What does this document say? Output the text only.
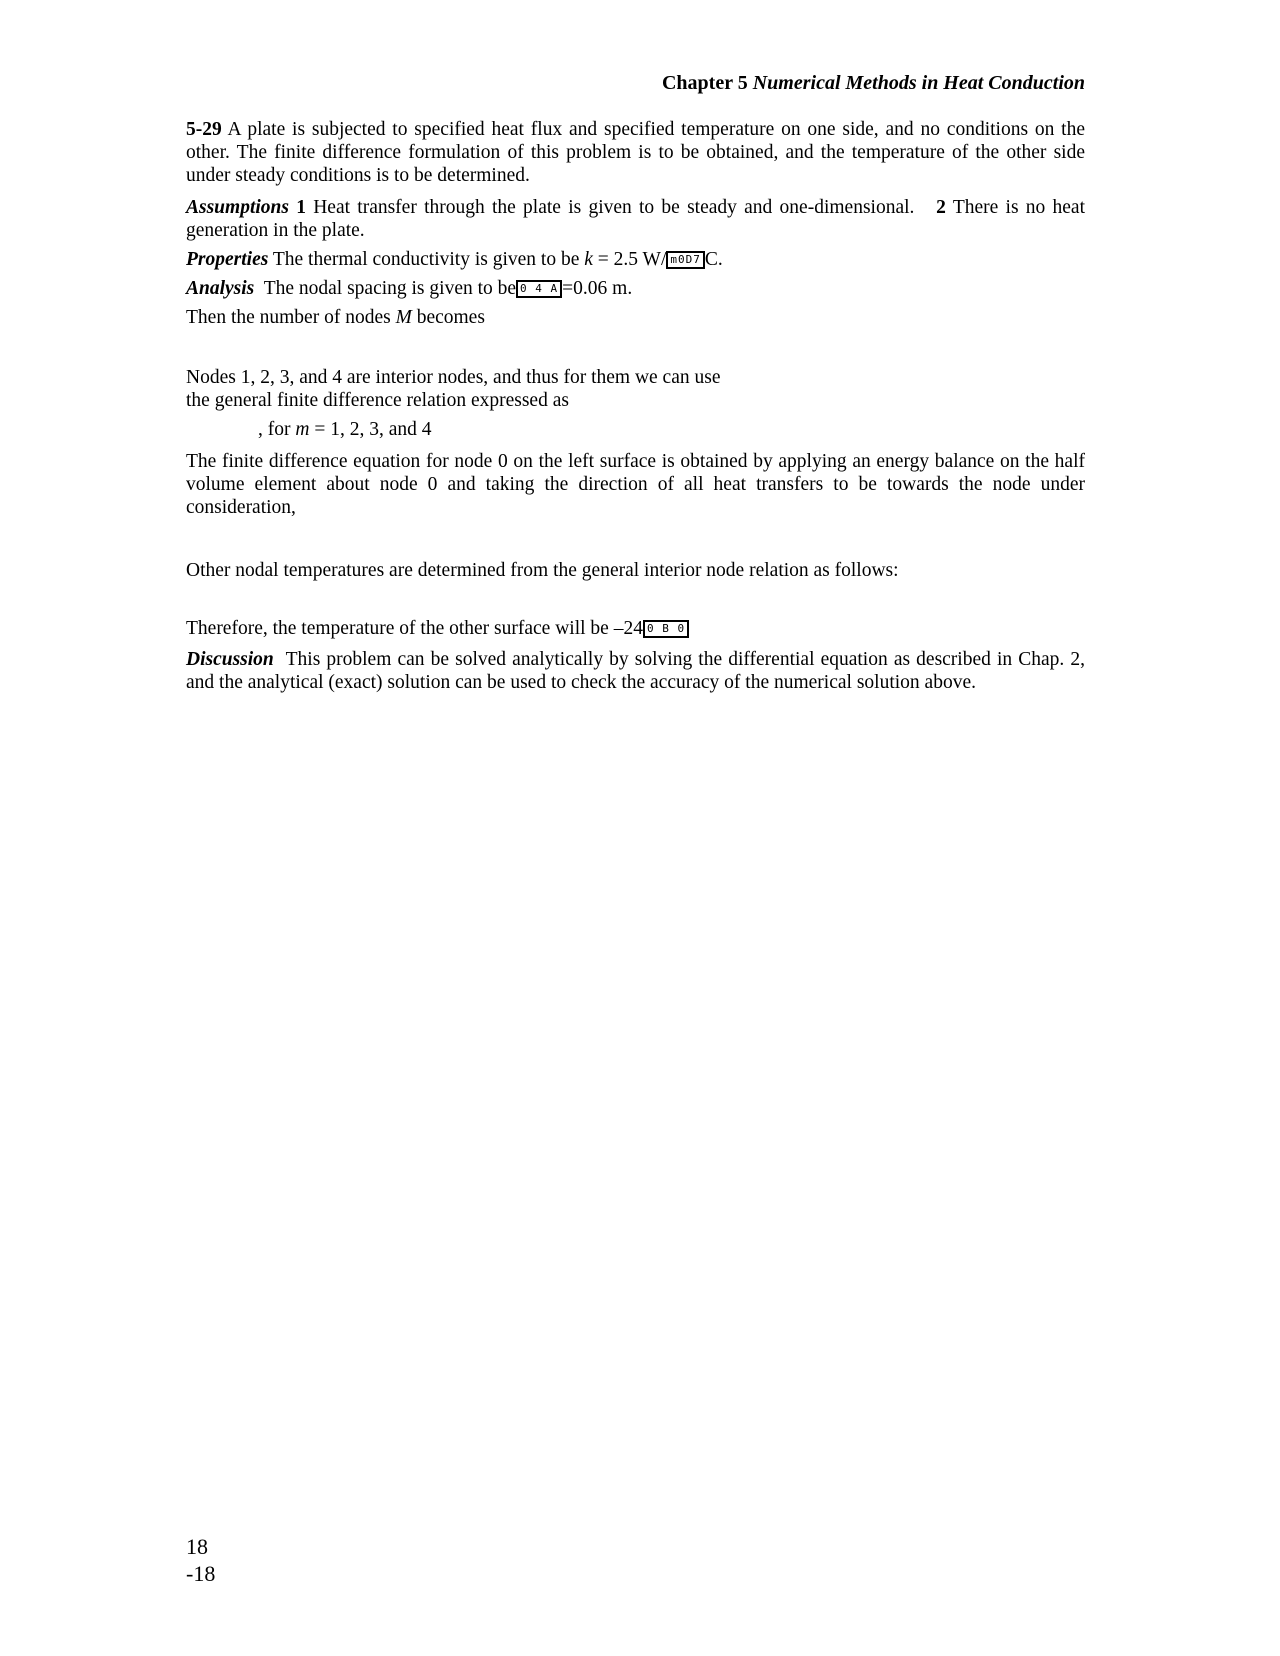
Chapter 5 Numerical Methods in Heat Conduction

5-29 A plate is subjected to specified heat flux and specified temperature on one side, and no conditions on the other. The finite difference formulation of this problem is to be obtained, and the temperature of the other side under steady conditions is to be determined.

Assumptions 1 Heat transfer through the plate is given to be steady and one-dimensional. 2 There is no heat generation in the plate.

Properties The thermal conductivity is given to be k = 2.5 W/ m0D7 C.

Analysis The nodal spacing is given to be 0 4 A =0.06 m.

Then the number of nodes M becomes

Nodes 1, 2, 3, and 4 are interior nodes, and thus for them we can use
the general finite difference relation expressed as

, for m = 1, 2, 3, and 4

The finite difference equation for node 0 on the left surface is obtained by applying an energy balance on the half volume element about node 0 and taking the direction of all heat transfers to be towards the node under consideration,

Other nodal temperatures are determined from the general interior node relation as follows:

Therefore, the temperature of the other surface will be –24 0 B 0

Discussion This problem can be solved analytically by solving the differential equation as described in Chap. 2, and the analytical (exact) solution can be used to check the accuracy of the numerical solution above.

18
-18
